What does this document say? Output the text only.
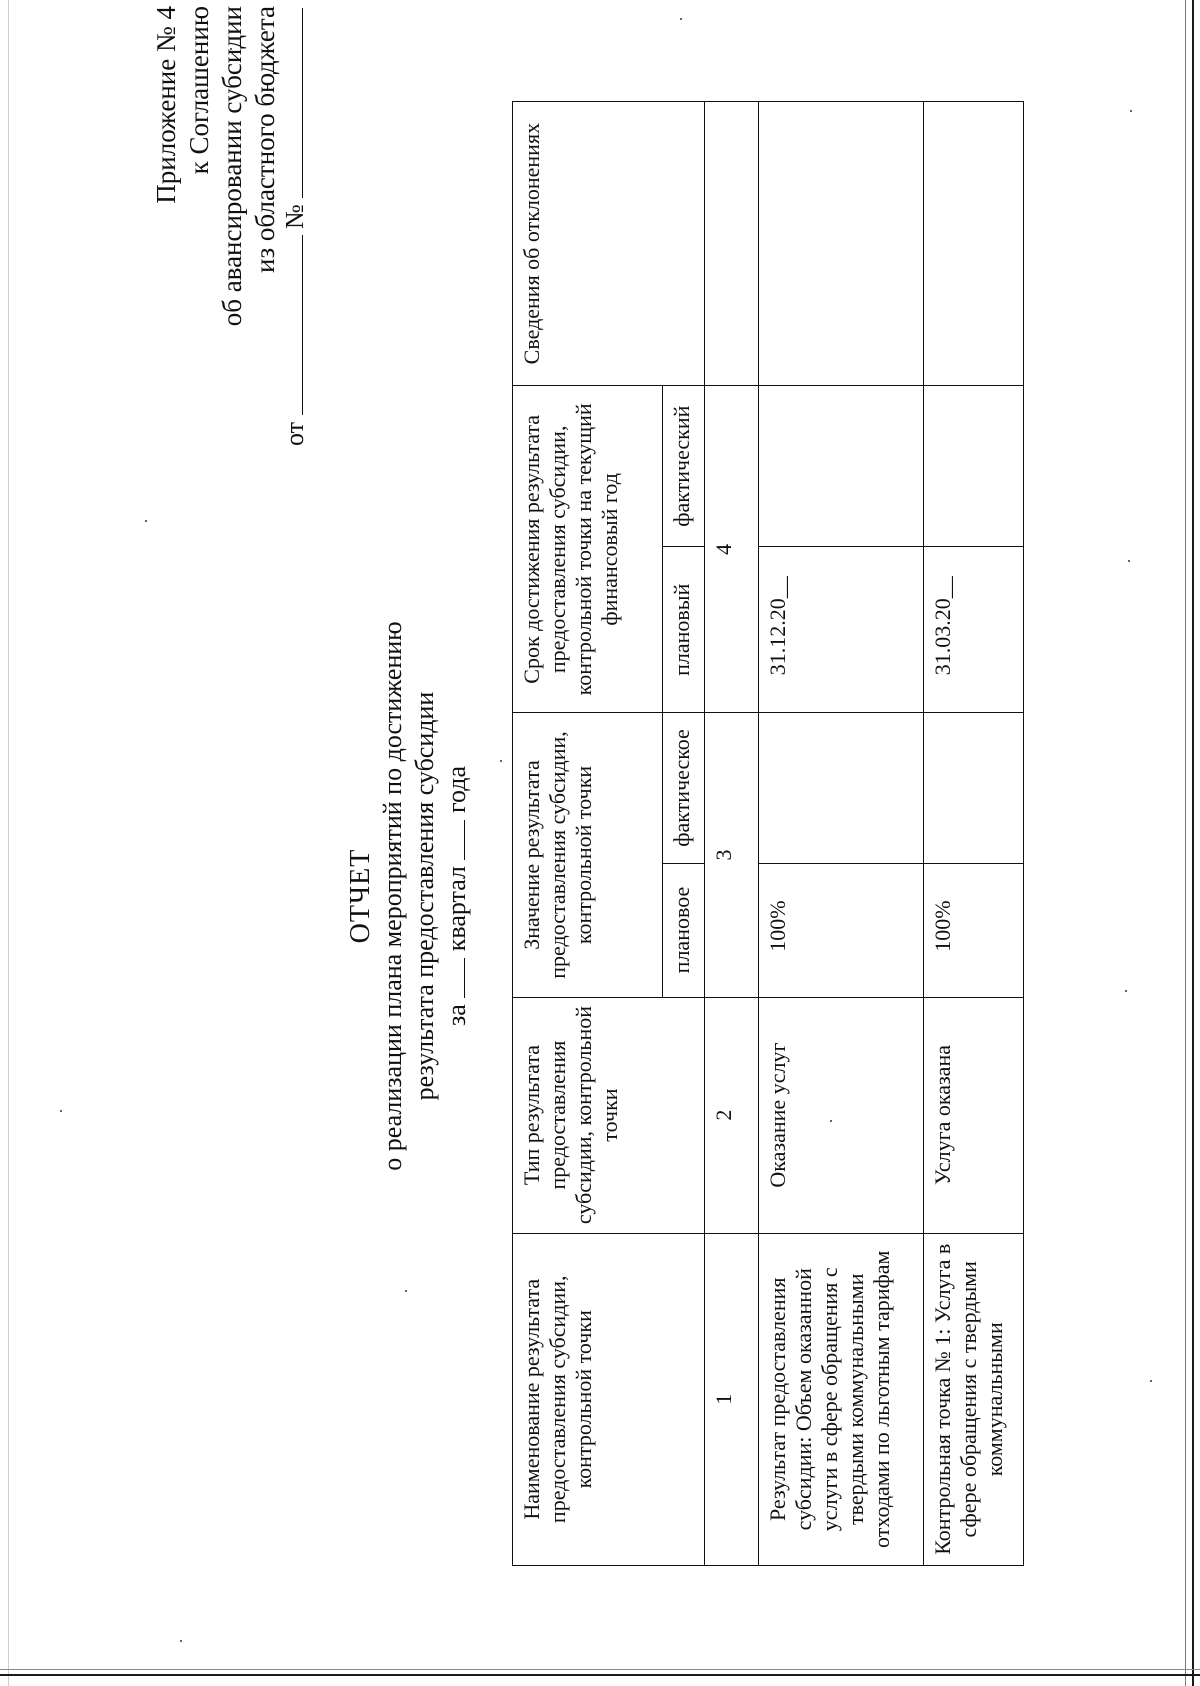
Приложение № 4 к Соглашению об авансировании субсидии из областного бюджета
от  №
ОТЧЕТ о реализации плана мероприятий по достижению результата предоставления субсидии за  квартал  года
Наименование результата предоставления субсидии, контрольной точки	Тип результата предоставления субсидии, контрольной точки	Значение результата предоставления субсидии, контрольной точки		Срок достижения результата предоставления субсидии, контрольной точки на текущий финансовый год		Сведения об отклонениях
		плановое	фактическое	плановый	фактический	
1	2	3		4		
Результат предоставления субсидии: Объем оказанной услуги в сфере обращения с твердыми коммунальными отходами по льготным тарифам	Оказание услуг	100%		31.12.20__		
Контрольная точка № 1: Услуга в сфере обращения с твердыми коммунальными	Услуга оказана	100%		31.03.20__		
